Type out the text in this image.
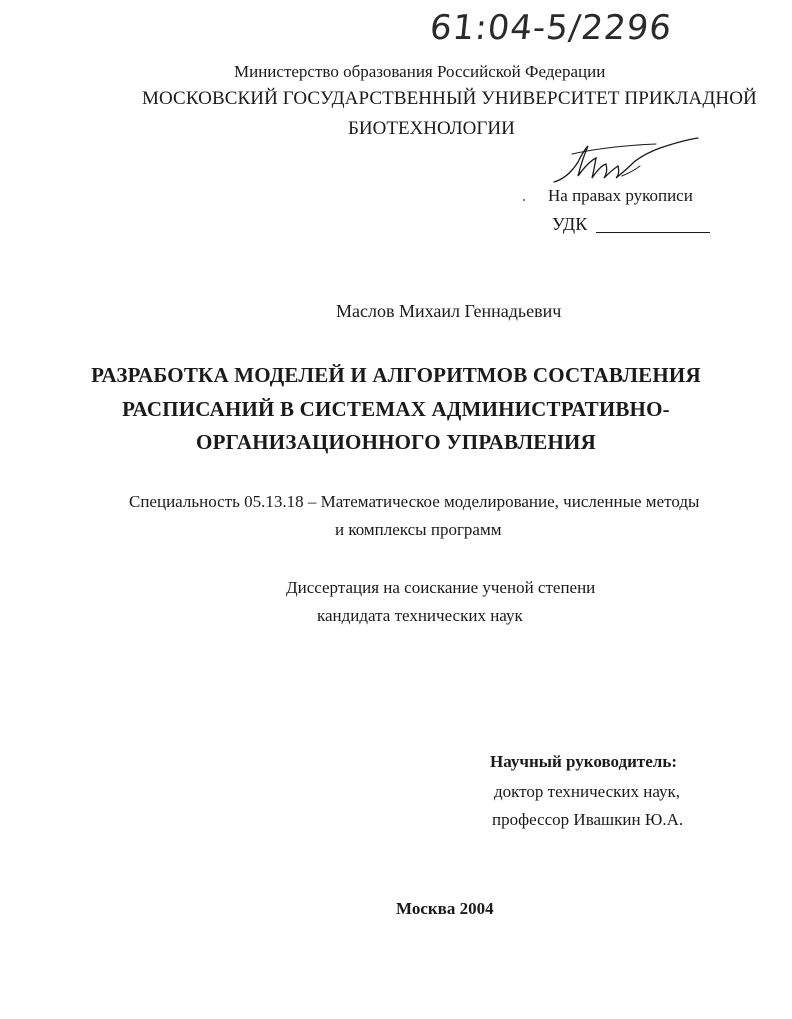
61:04-5/2296
Министерство образования Российской Федерации
МОСКОВСКИЙ ГОСУДАРСТВЕННЫЙ УНИВЕРСИТЕТ ПРИКЛАДНОЙ
БИОТЕХНОЛОГИИ
На правах рукописи
УДК
Маслов Михаил Геннадьевич
РАЗРАБОТКА МОДЕЛЕЙ И АЛГОРИТМОВ СОСТАВЛЕНИЯ
РАСПИСАНИЙ В СИСТЕМАХ АДМИНИСТРАТИВНО-
ОРГАНИЗАЦИОННОГО УПРАВЛЕНИЯ
Специальность 05.13.18 – Математическое моделирование, численные методы
и комплексы программ
Диссертация на соискание ученой степени
кандидата технических наук
Научный руководитель:
доктор технических наук,
профессор Ивашкин Ю.А.
Москва 2004
